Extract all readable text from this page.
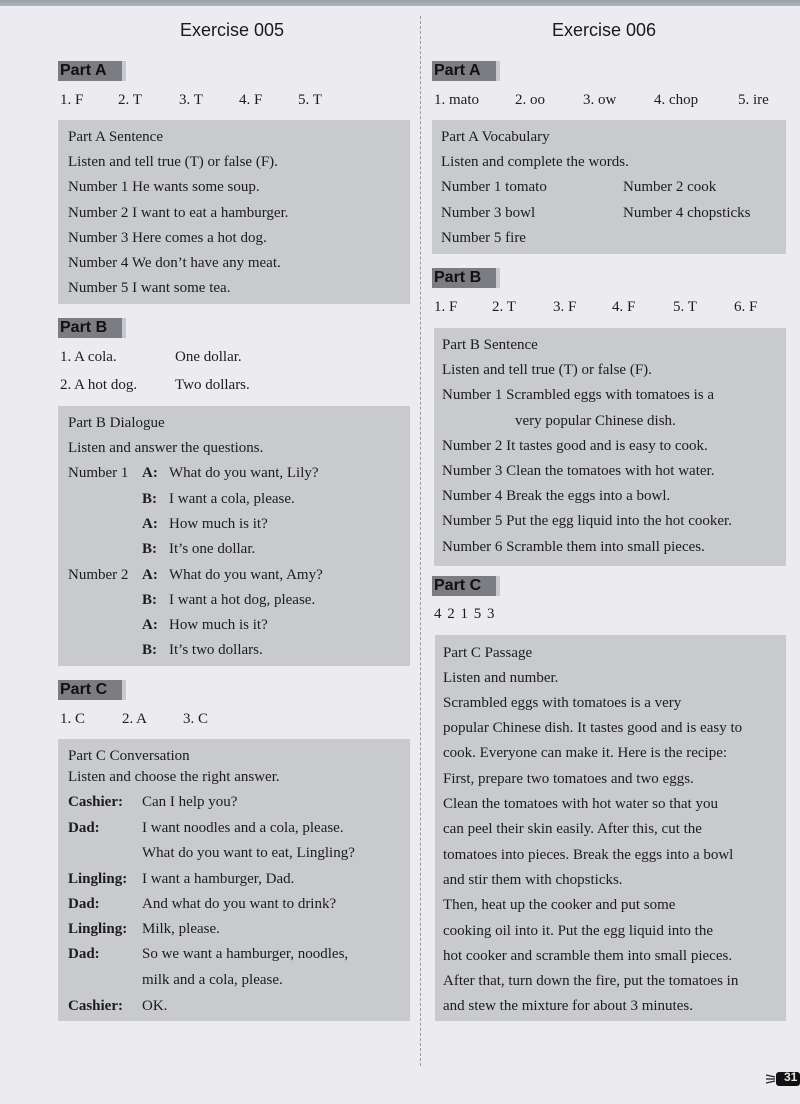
Exercise 005
Part A
1. F 2. T 3. T 4. F 5. T
Part A Sentence
Listen and tell true (T) or false (F).
Number 1 He wants some soup.
Number 2 I want to eat a hamburger.
Number 3 Here comes a hot dog.
Number 4 We don’t have any meat.
Number 5 I want some tea.
Part B
1. A cola.	One dollar.
2. A hot dog.	Two dollars.
Part B Dialogue
Listen and answer the questions.
Number 1 A: What do you want, Lily?
B: I want a cola, please.
A: How much is it?
B: It’s one dollar.
Number 2 A: What do you want, Amy?
B: I want a hot dog, please.
A: How much is it?
B: It’s two dollars.
Part C
1. C 2. A 3. C
Part C Conversation
Listen and choose the right answer.
Cashier: Can I help you?
Dad:	I want noodles and a cola, please.
What do you want to eat, Lingling?
Lingling: I want a hamburger, Dad.
Dad:	And what do you want to drink?
Lingling: Milk, please.
Dad:	So we want a hamburger, noodles,
milk and a cola, please.
Cashier: OK.
Exercise 006
Part A
1. mato 2. oo	3. ow	4. chop	5. ire
Part A Vocabulary
Listen and complete the words.
Number 1 tomato	Number 2 cook
Number 3 bowl	Number 4 chopsticks
Number 5 fire
Part B
1. F 2. T 3. F 4. F	5. T 6. F
Part B Sentence
Listen and tell true (T) or false (F).
Number 1 Scrambled eggs with tomatoes is a
very popular Chinese dish.
Number 2 It tastes good and is easy to cook.
Number 3 Clean the tomatoes with hot water.
Number 4 Break the eggs into a bowl.
Number 5 Put the egg liquid into the hot cooker.
Number 6 Scramble them into small pieces.
Part C
4 2 1 5 3
Part C Passage
Listen and number.
Scrambled eggs with tomatoes is a very
popular Chinese dish. It tastes good and is easy to
cook. Everyone can make it. Here is the recipe:
First, prepare two tomatoes and two eggs.
Clean the tomatoes with hot water so that you
can peel their skin easily. After this, cut the
tomatoes into pieces. Break the eggs into a bowl
and stir them with chopsticks.
Then, heat up the cooker and put some
cooking oil into it. Put the egg liquid into the
hot cooker and scramble them into small pieces.
After that, turn down the fire, put the tomatoes in
and stew the mixture for about 3 minutes.
31
